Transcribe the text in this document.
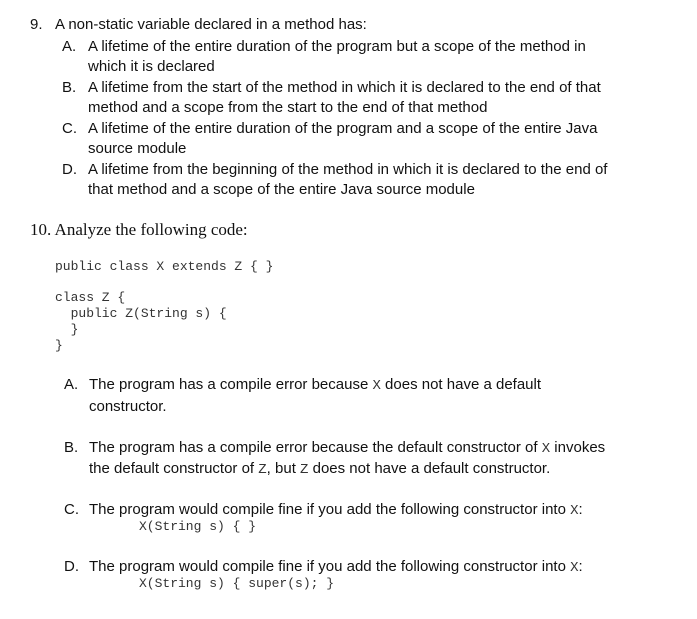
9. A non-static variable declared in a method has:
A. A lifetime of the entire duration of the program but a scope of the method in
which it is declared
B. A lifetime from the start of the method in which it is declared to the end of that
method and a scope from the start to the end of that method
C. A lifetime of the entire duration of the program and a scope of the entire Java
source module
D. A lifetime from the beginning of the method in which it is declared to the end of
that method and a scope of the entire Java source module
10. Analyze the following code:
public class X extends Z { }
class Z {
public Z(String s) {
}
}
A. The program has a compile error because X does not have a default
constructor.
B. The program has a compile error because the default constructor of X invokes
the default constructor of Z, but Z does not have a default constructor.
C. The program would compile fine if you add the following constructor into X:
X(String s) { }
D. The program would compile fine if you add the following constructor into X:
X(String s) { super(s); }
